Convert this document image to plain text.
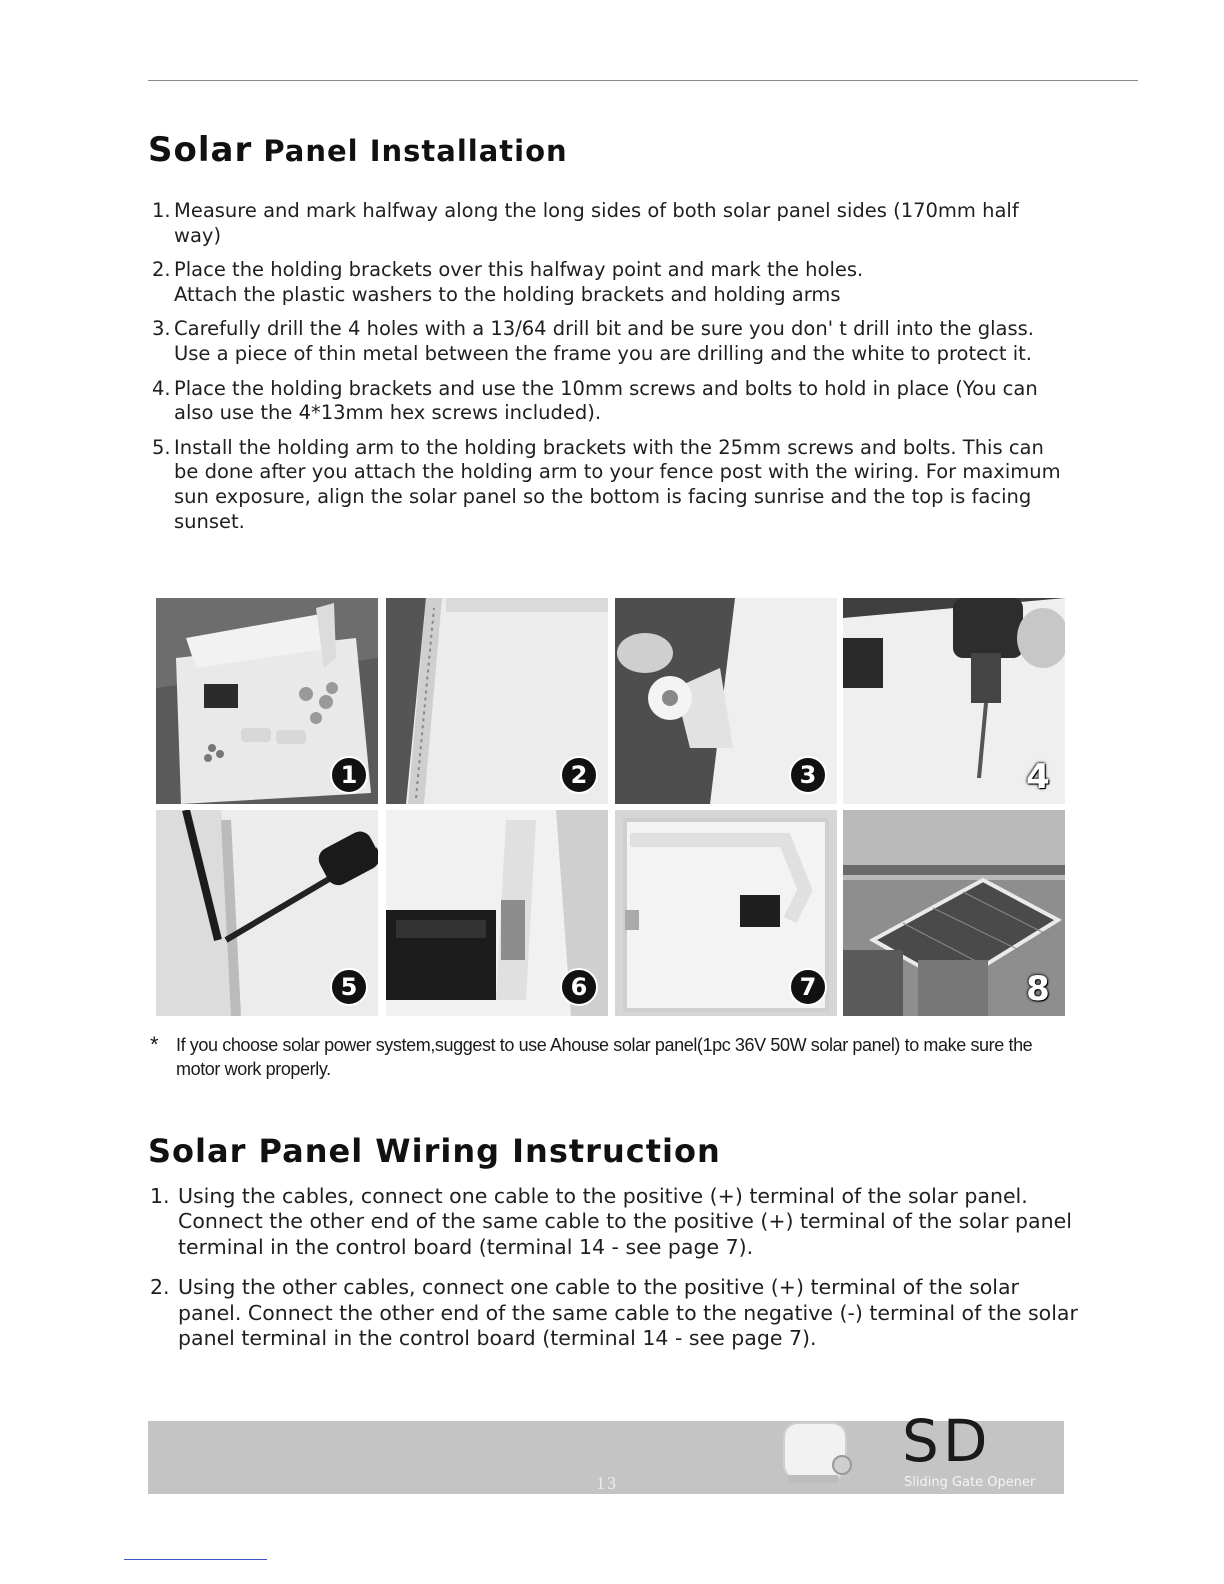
Solar Panel Installation
1. Measure and mark halfway along the long sides of both solar panel sides (170mm half way)
2. Place the holding brackets over this halfway point and mark the holes.
Attach the plastic washers to the holding brackets and holding arms
3. Carefully drill the 4 holes with a 13/64 drill bit and be sure you don' t drill into the glass. Use a piece of thin metal between the frame you are drilling and the white to protect it.
4. Place the holding brackets and use the 10mm screws and bolts to hold in place (You can also use the 4*13mm hex screws included).
5. Install the holding arm to the holding brackets with the 25mm screws and bolts. This can be done after you attach the holding arm to your fence post with the wiring. For maximum sun exposure, align the solar panel so the bottom is facing sunrise and the top is facing sunset.
1	2	3	4
5	6	7	8
* If you choose solar power system,suggest to use Ahouse solar panel(1pc 36V 50W solar panel) to make sure the motor work properly.
Solar Panel Wiring Instruction
1. Using the cables, connect one cable to the positive (+) terminal of the solar panel. Connect the other end of the same cable to the positive (+) terminal of the solar panel terminal in the control board (terminal 14 - see page 7).
2. Using the other cables, connect one cable to the positive (+) terminal of the solar panel. Connect the other end of the same cable to the negative (-) terminal of the solar panel terminal in the control board (terminal 14 - see page 7).
13
SD
Sliding Gate Opener
